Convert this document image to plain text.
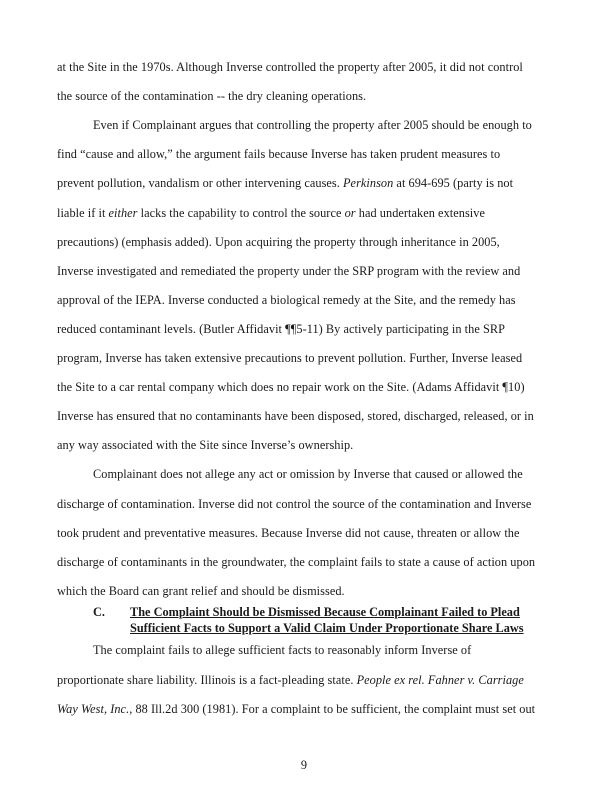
at the Site in the 1970s. Although Inverse controlled the property after 2005, it did not control
the source of the contamination -- the dry cleaning operations.
Even if Complainant argues that controlling the property after 2005 should be enough to
find “cause and allow,” the argument fails because Inverse has taken prudent measures to
prevent pollution, vandalism or other intervening causes. Perkinson at 694-695 (party is not
liable if it either lacks the capability to control the source or had undertaken extensive
precautions) (emphasis added). Upon acquiring the property through inheritance in 2005,
Inverse investigated and remediated the property under the SRP program with the review and
approval of the IEPA. Inverse conducted a biological remedy at the Site, and the remedy has
reduced contaminant levels. (Butler Affidavit ¶¶5-11) By actively participating in the SRP
program, Inverse has taken extensive precautions to prevent pollution. Further, Inverse leased
the Site to a car rental company which does no repair work on the Site. (Adams Affidavit ¶10)
Inverse has ensured that no contaminants have been disposed, stored, discharged, released, or in
any way associated with the Site since Inverse’s ownership.
Complainant does not allege any act or omission by Inverse that caused or allowed the
discharge of contamination. Inverse did not control the source of the contamination and Inverse
took prudent and preventative measures. Because Inverse did not cause, threaten or allow the
discharge of contaminants in the groundwater, the complaint fails to state a cause of action upon
which the Board can grant relief and should be dismissed.
C. The Complaint Should be Dismissed Because Complainant Failed to Plead
Sufficient Facts to Support a Valid Claim Under Proportionate Share Laws
The complaint fails to allege sufficient facts to reasonably inform Inverse of
proportionate share liability. Illinois is a fact-pleading state. People ex rel. Fahner v. Carriage
Way West, Inc., 88 Ill.2d 300 (1981). For a complaint to be sufficient, the complaint must set out
9
